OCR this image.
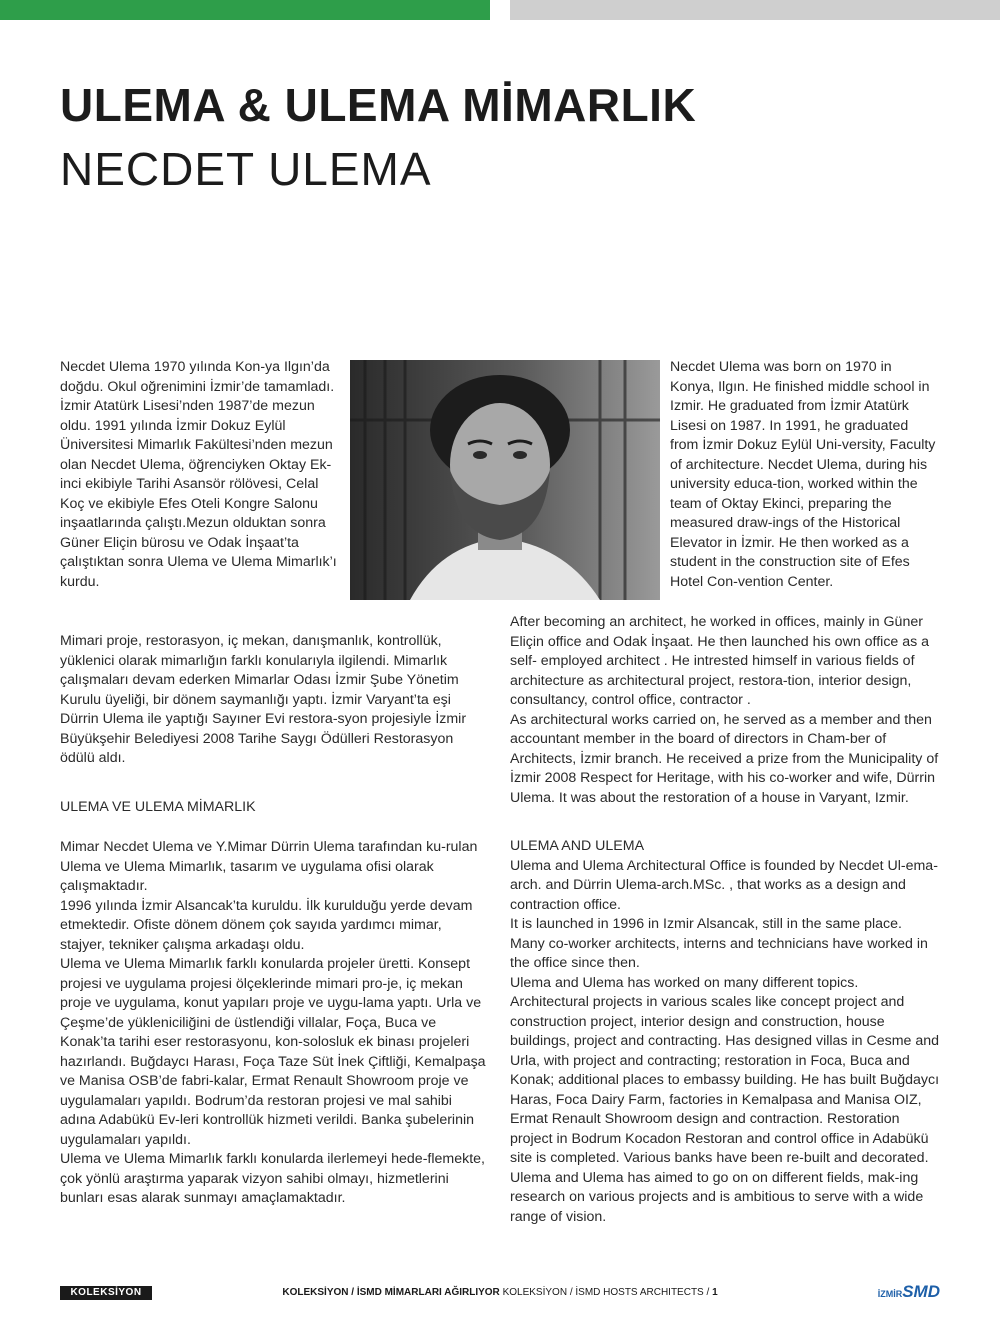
ULEMA & ULEMA MİMARLIK
NECDET ULEMA
Necdet Ulema 1970 yılında Kon-ya Ilgın’da doğdu. Okul oğrenimini İzmir’de tamamladı. İzmir Atatürk Lisesi’nden 1987’de mezun oldu. 1991 yılında İzmir Dokuz Eylül Üniversitesi Mimarlık Fakültesi’nden mezun olan Necdet Ulema, öğrenciyken Oktay Ek-inci ekibiyle Tarihi Asansör rölövesi, Celal Koç ve ekibiyle Efes Oteli Kongre Salonu inşaatlarında çalıştı.Mezun olduktan sonra Güner Eliçin bürosu ve Odak İnşaat’ta çalıştıktan sonra Ulema ve Ulema Mimarlık’ı kurdu.
Mimari proje, restorasyon, iç mekan, danışmanlık, kontrollük, yüklenici olarak mimarlığın farklı konularıyla ilgilendi. Mimarlık çalışmaları devam ederken Mimarlar Odası İzmir Şube Yönetim Kurulu üyeliği, bir dönem saymanlığı yaptı. İzmir Varyant’ta eşi Dürrin Ulema ile yaptığı Sayıner Evi restora-syon projesiyle İzmir Büyükşehir Belediyesi 2008 Tarihe Saygı Ödülleri Restorasyon ödülü aldı.
ULEMA VE ULEMA MİMARLIK

Mimar Necdet Ulema ve Y.Mimar Dürrin Ulema tarafından ku-rulan Ulema ve Ulema Mimarlık, tasarım ve uygulama ofisi olarak çalışmaktadır.

1996 yılında İzmir Alsancak’ta kuruldu. İlk kurulduğu yerde devam etmektedir. Ofiste dönem dönem çok sayıda yardımcı mimar, stajyer, tekniker çalışma arkadaşı oldu.

Ulema ve Ulema Mimarlık farklı konularda projeler üretti. Konsept projesi ve uygulama projesi ölçeklerinde mimari pro-je, iç mekan proje ve uygulama, konut yapıları proje ve uygu-lama yaptı. Urla ve Çeşme’de yükleniciliğini de üstlendiği villalar, Foça, Buca ve Konak’ta tarihi eser restorasyonu, kon-solosluk ek binası projeleri hazırlandı. Buğdaycı Harası, Foça Taze Süt İnek Çiftliği, Kemalpaşa ve Manisa OSB’de fabri-kalar, Ermat Renault Showroom proje ve uygulamaları yapıldı. Bodrum’da restoran projesi ve mal sahibi adına Adabükü Ev-leri kontrollük hizmeti verildi. Banka şubelerinin uygulamaları yapıldı.

Ulema ve Ulema Mimarlık farklı konularda ilerlemeyi hede-flemekte, çok yönlü araştırma yaparak vizyon sahibi olmayı, hizmetlerini bunları esas alarak sunmayı amaçlamaktadır.

Necdet Ulema was born on 1970 in Konya, Ilgın. He finished middle school in Izmir. He graduated from İzmir Atatürk Lisesi on 1987. In 1991, he graduated from İzmir Dokuz Eylül Uni-versity, Faculty of architecture. Necdet Ulema, during his university educa-tion, worked within the team of Oktay Ekinci, preparing the measured draw-ings of the Historical Elevator in İzmir. He then worked as a student in the construction site of Efes Hotel Con-vention Center.

After becoming an architect, he worked in offices, mainly in Güner Eliçin office and Odak İnşaat. He then launched his own office as a self- employed architect . He intrested himself in various fields of architecture as architectural project, restora-tion, interior design, consultancy, control office, contractor .

As architectural works carried on, he served as a member and then accountant member in the board of directors in Cham-ber of Architects, İzmir branch. He received a prize from the Municipality of İzmir 2008 Respect for Heritage, with his co-worker and wife, Dürrin Ulema. It was about the restoration of a house in Varyant, Izmir.

ULEMA AND ULEMA

Ulema and Ulema Architectural Office is founded by Necdet Ul-ema- arch. and Dürrin Ulema-arch.MSc. , that works as a design and contraction office.

It is launched in 1996 in Izmir Alsancak, still in the same place. Many co-worker architects, interns and technicians have worked in the office since then.

Ulema and Ulema has worked on many different topics. Architectural projects in various scales like concept project and construction project, interior design and construction, house buildings, project and contracting. Has designed villas in Cesme and Urla, with project and contracting; restoration in Foca, Buca and Konak; additional places to embassy building. He has built Buğdaycı Haras, Foca Dairy Farm, factories in Kemalpasa and Manisa OIZ, Ermat Renault Showroom design and contraction. Restoration project in Bodrum Kocadon Restoran and control office in Adabükü site is completed. Various banks have been re-built and decorated.

Ulema and Ulema has aimed to go on on different fields, mak-ing research on various projects and is ambitious to serve with a wide range of vision.

KOLEKSİYON	KOLEKSİYON / İSMD MİMARLARI AĞIRLIYOR KOLEKSİYON / İSMD HOSTS ARCHITECTS / 1	İZMİRSMD
